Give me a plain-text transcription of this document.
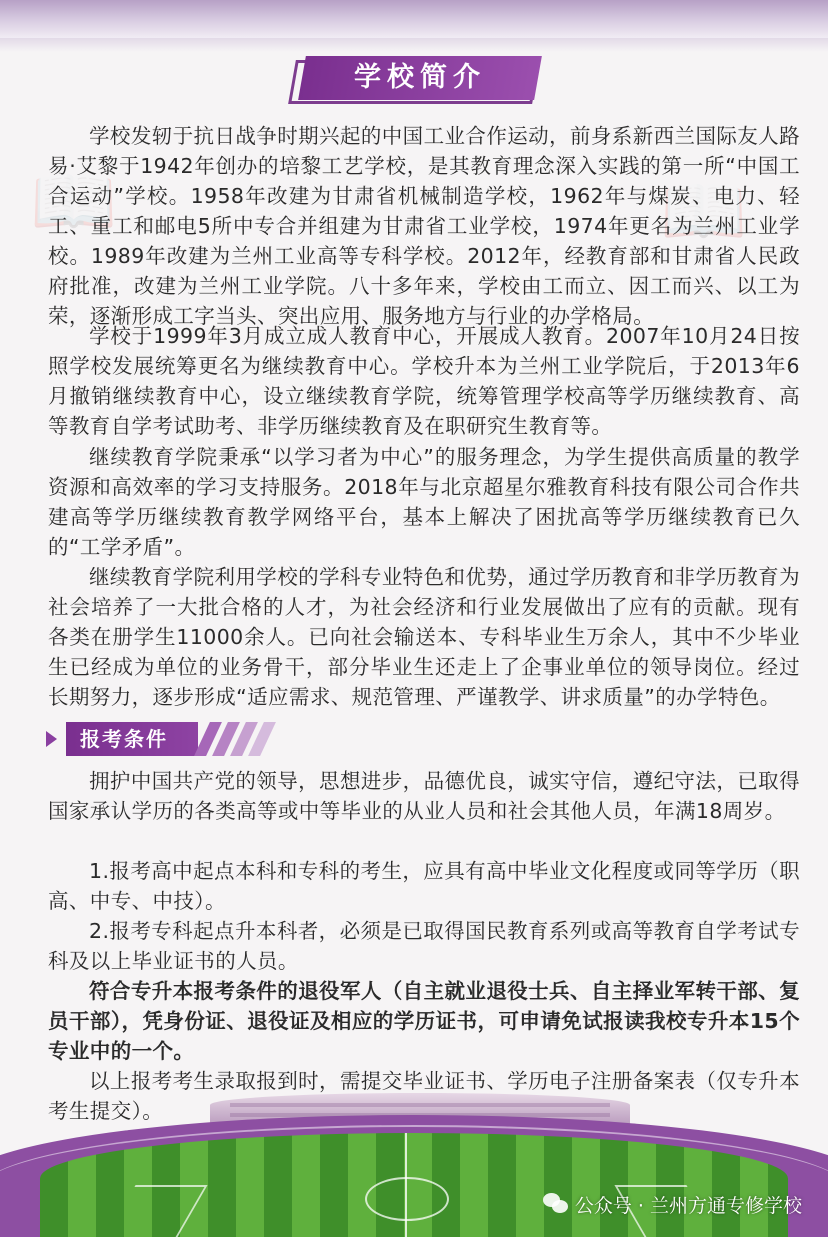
📖	📖
学校简介

学校发轫于抗日战争时期兴起的中国工业合作运动，前身系新西兰国际友人路易·艾黎于1942年创办的培黎工艺学校，是其教育理念深入实践的第一所“中国工合运动”学校。1958年改建为甘肃省机械制造学校，1962年与煤炭、电力、轻工、重工和邮电5所中专合并组建为甘肃省工业学校，1974年更名为兰州工业学校。1989年改建为兰州工业高等专科学校。2012年，经教育部和甘肃省人民政府批准，改建为兰州工业学院。八十多年来，学校由工而立、因工而兴、以工为荣，逐渐形成工字当头、突出应用、服务地方与行业的办学格局。

学校于1999年3月成立成人教育中心，开展成人教育。2007年10月24日按照学校发展统筹更名为继续教育中心。学校升本为兰州工业学院后，于2013年6月撤销继续教育中心，设立继续教育学院，统筹管理学校高等学历继续教育、高等教育自学考试助考、非学历继续教育及在职研究生教育等。

继续教育学院秉承“以学习者为中心”的服务理念，为学生提供高质量的教学资源和高效率的学习支持服务。2018年与北京超星尔雅教育科技有限公司合作共建高等学历继续教育教学网络平台，基本上解决了困扰高等学历继续教育已久的“工学矛盾”。

继续教育学院利用学校的学科专业特色和优势，通过学历教育和非学历教育为社会培养了一大批合格的人才，为社会经济和行业发展做出了应有的贡献。现有各类在册学生11000余人。已向社会输送本、专科毕业生万余人，其中不少毕业生已经成为单位的业务骨干，部分毕业生还走上了企事业单位的领导岗位。经过长期努力，逐步形成“适应需求、规范管理、严谨教学、讲求质量”的办学特色。

报考条件

拥护中国共产党的领导，思想进步，品德优良，诚实守信，遵纪守法，已取得国家承认学历的各类高等或中等毕业的从业人员和社会其他人员，年满18周岁。

1.报考高中起点本科和专科的考生，应具有高中毕业文化程度或同等学历（职高、中专、中技）。

2.报考专科起点升本科者，必须是已取得国民教育系列或高等教育自学考试专科及以上毕业证书的人员。

符合专升本报考条件的退役军人（自主就业退役士兵、自主择业军转干部、复员干部），凭身份证、退役证及相应的学历证书，可申请免试报读我校专升本15个专业中的一个。

以上报考考生录取报到时，需提交毕业证书、学历电子注册备案表（仅专升本考生提交）。

公众号 · 兰州方通专修学校
